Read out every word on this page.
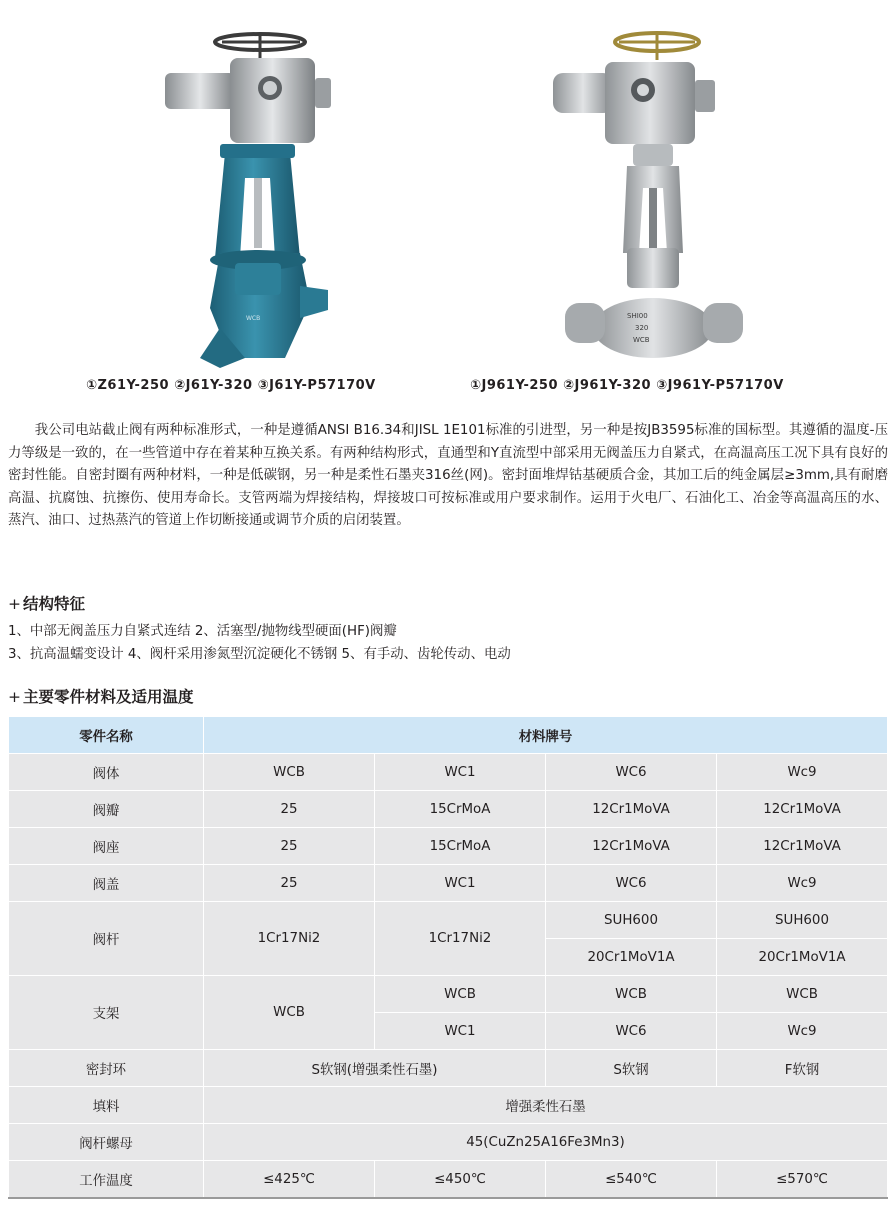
WCB	SHI00
320
WCB
①Z61Y-250 ②J61Y-320 ③J61Y-P57170V	①J961Y-250 ②J961Y-320 ③J961Y-P57170V

我公司电站截止阀有两种标准形式，一种是遵循ANSI B16.34和JISL 1E101标准的引进型，另一种是按JB3595标准的国标型。其遵循的温度-压力等级是一致的，在一些管道中存在着某种互换关系。有两种结构形式，直通型和Y直流型中部采用无阀盖压力自紧式，在高温高压工况下具有良好的密封性能。自密封圈有两种材料，一种是低碳钢，另一种是柔性石墨夹316丝(网)。密封面堆焊钴基硬质合金，其加工后的纯金属层≥3mm,具有耐磨高温、抗腐蚀、抗擦伤、使用寿命长。支管两端为焊接结构，焊接坡口可按标准或用户要求制作。运用于火电厂、石油化工、冶金等高温高压的水、蒸汽、油口、过热蒸汽的管道上作切断接通或调节介质的启闭装置。

+ 结构特征
1、中部无阀盖压力自紧式连结 2、活塞型/抛物线型硬面(HF)阀瓣
3、抗高温蠕变设计 4、阀杆采用渗氮型沉淀硬化不锈钢 5、有手动、齿轮传动、电动
+ 主要零件材料及适用温度
零件名称	材料牌号			
阀体	WCB	WC1	WC6	Wc9
阀瓣	25	15CrMoA	12Cr1MoVA	12Cr1MoVA
阀座	25	15CrMoA	12Cr1MoVA	12Cr1MoVA
阀盖	25	WC1	WC6	Wc9
阀杆	1Cr17Ni2	1Cr17Ni2	SUH600	SUH600
			20Cr1MoV1A	20Cr1MoV1A
支架	WCB	WCB	WCB	WCB
		WC1	WC6	Wc9
密封环	S软钢(增强柔性石墨)		S软钢	F软钢
填料	增强柔性石墨			
阀杆螺母	45(CuZn25A16Fe3Mn3)			
工作温度	≤425℃	≤450℃	≤540℃	≤570℃
